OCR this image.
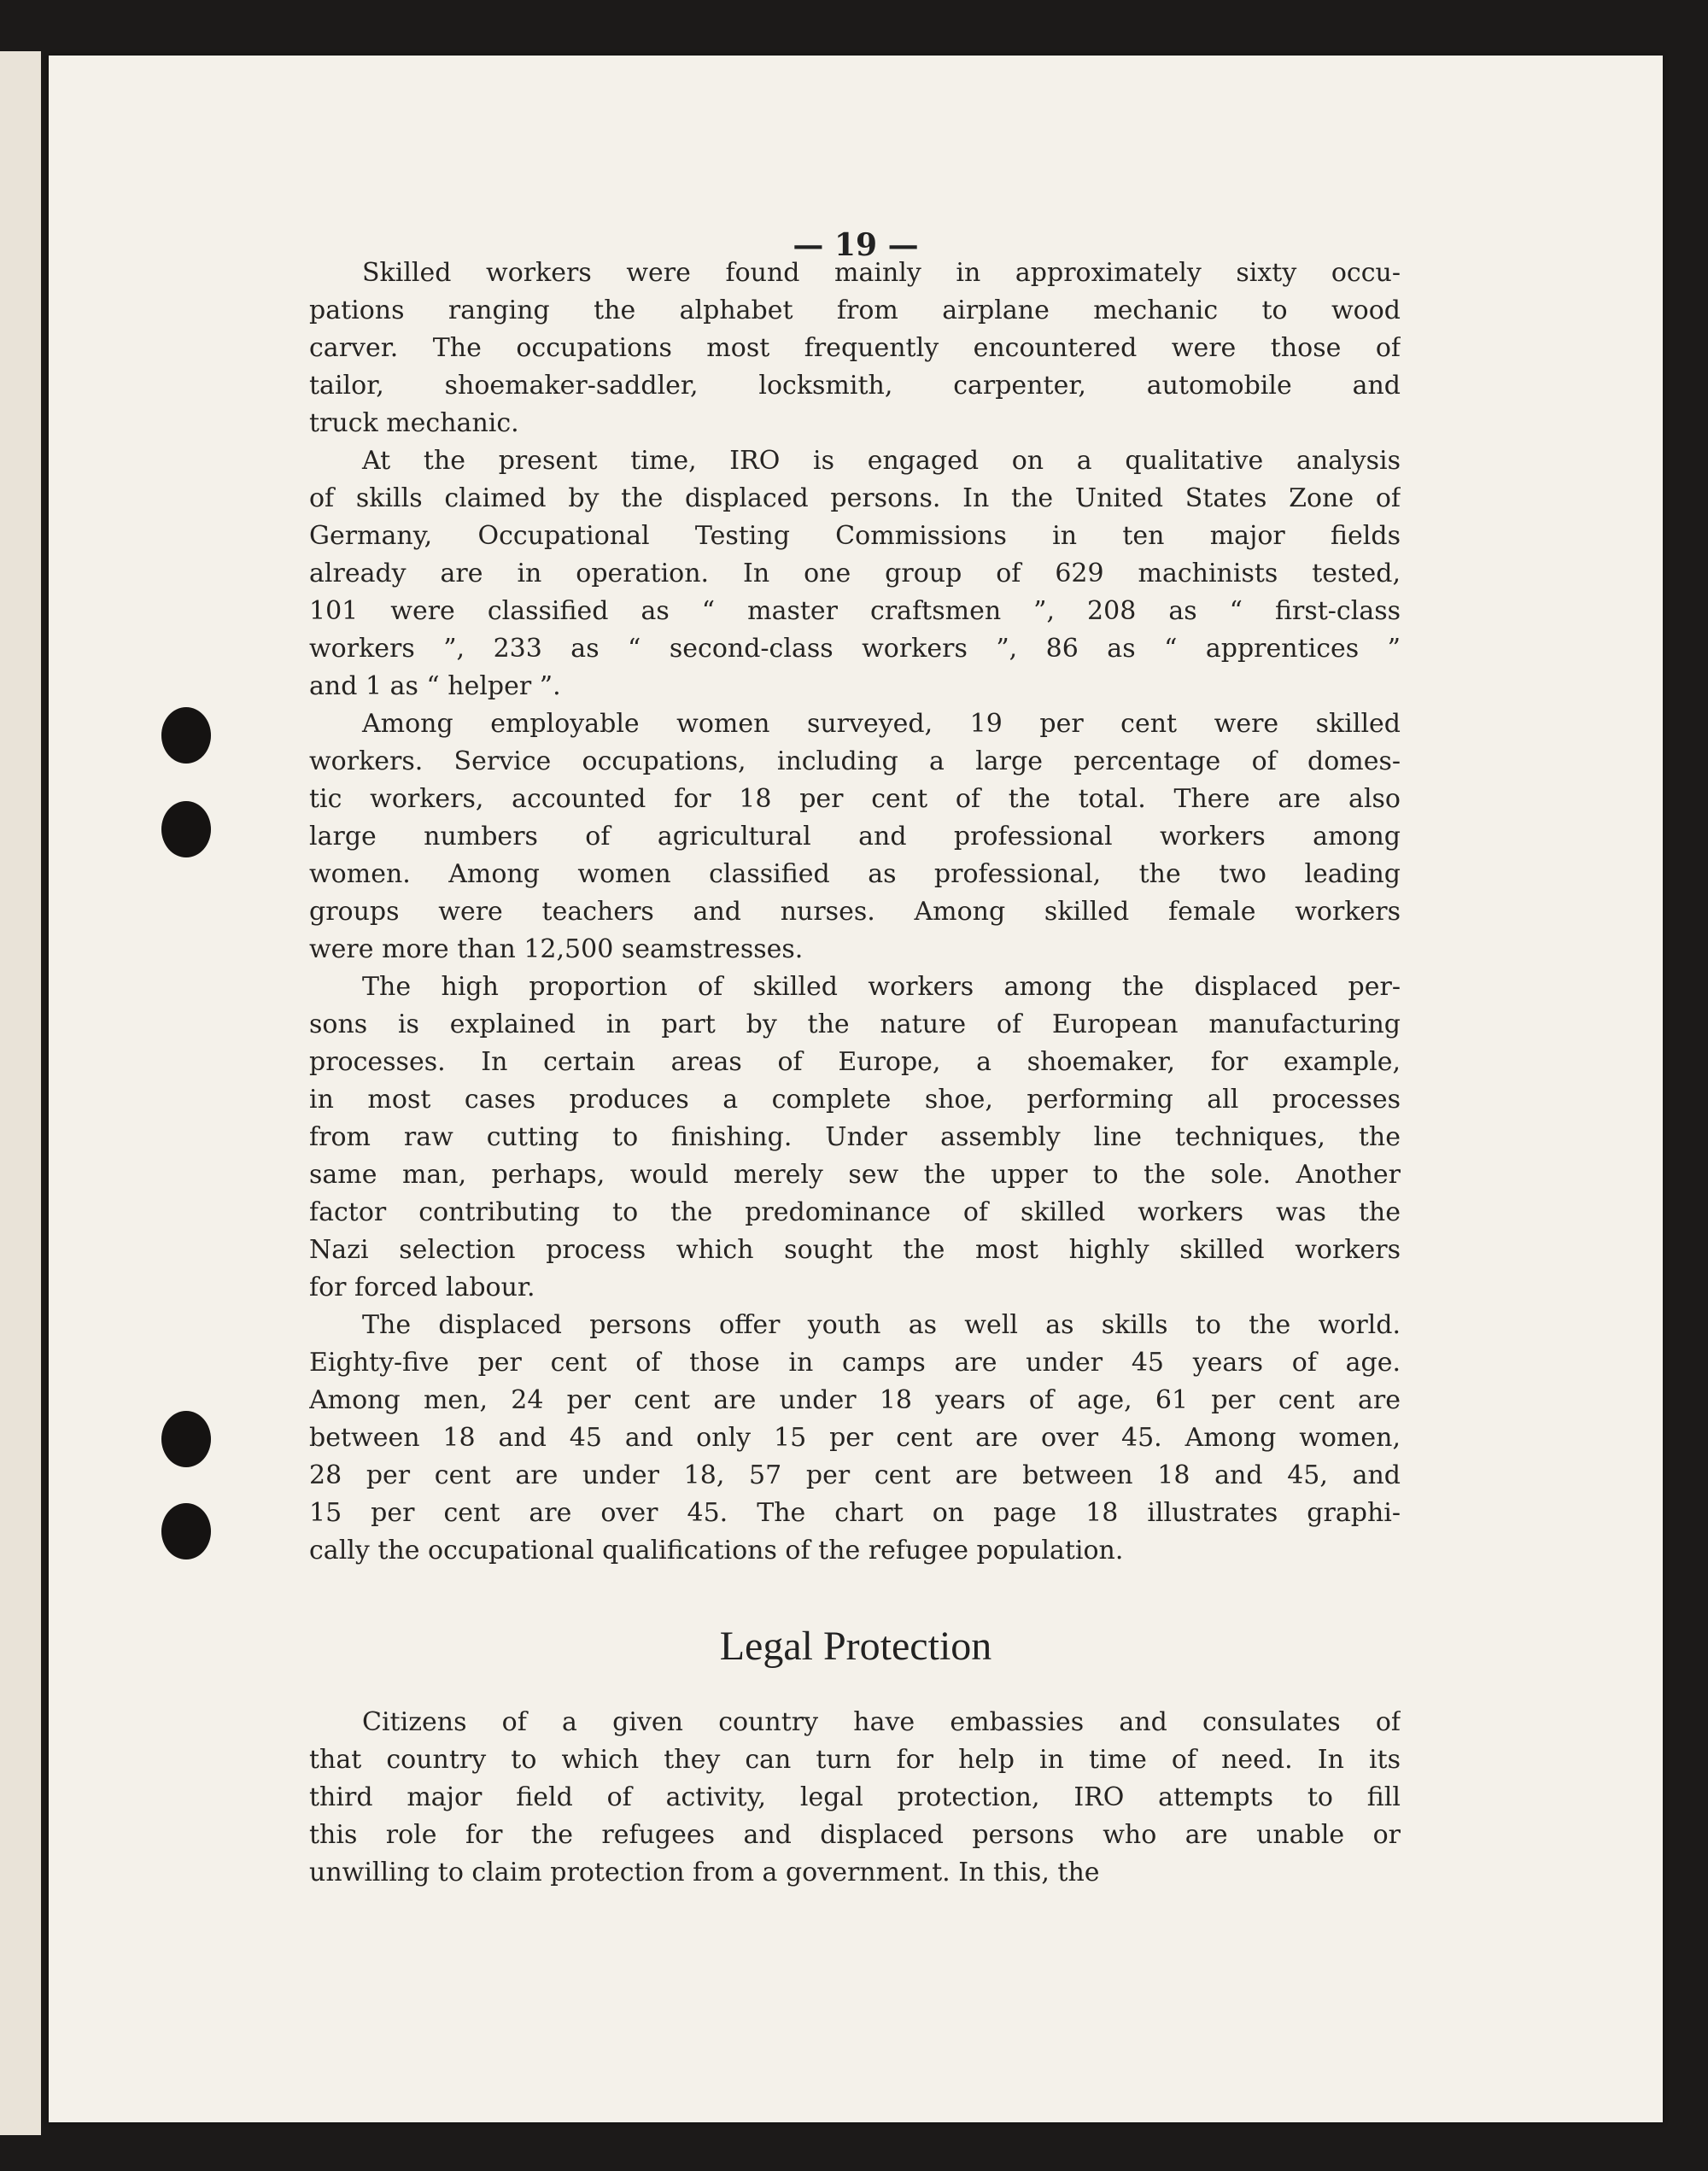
— 19 —
Skilled workers were found mainly in approximately sixty occu-
pations ranging the alphabet from airplane mechanic to wood
carver. The occupations most frequently encountered were those of
tailor, shoemaker-saddler, locksmith, carpenter, automobile and
truck mechanic.
At the present time, IRO is engaged on a qualitative analysis
of skills claimed by the displaced persons. In the United States Zone of
Germany, Occupational Testing Commissions in ten major fields
already are in operation. In one group of 629 machinists tested,
101 were classified as “ master craftsmen ”, 208 as “ first-class
workers ”, 233 as “ second-class workers ”, 86 as “ apprentices ”
and 1 as “ helper ”.
Among employable women surveyed, 19 per cent were skilled
workers. Service occupations, including a large percentage of domes-
tic workers, accounted for 18 per cent of the total. There are also
large numbers of agricultural and professional workers among
women. Among women classified as professional, the two leading
groups were teachers and nurses. Among skilled female workers
were more than 12,500 seamstresses.
The high proportion of skilled workers among the displaced per-
sons is explained in part by the nature of European manufacturing
processes. In certain areas of Europe, a shoemaker, for example,
in most cases produces a complete shoe, performing all processes
from raw cutting to finishing. Under assembly line techniques, the
same man, perhaps, would merely sew the upper to the sole. Another
factor contributing to the predominance of skilled workers was the
Nazi selection process which sought the most highly skilled workers
for forced labour.
The displaced persons offer youth as well as skills to the world.
Eighty-five per cent of those in camps are under 45 years of age.
Among men, 24 per cent are under 18 years of age, 61 per cent are
between 18 and 45 and only 15 per cent are over 45. Among women,
28 per cent are under 18, 57 per cent are between 18 and 45, and
15 per cent are over 45. The chart on page 18 illustrates graphi-
cally the occupational qualifications of the refugee population.
Legal Protection
Citizens of a given country have embassies and consulates of
that country to which they can turn for help in time of need. In its
third major field of activity, legal protection, IRO attempts to fill
this role for the refugees and displaced persons who are unable or
unwilling to claim protection from a government. In this, the
